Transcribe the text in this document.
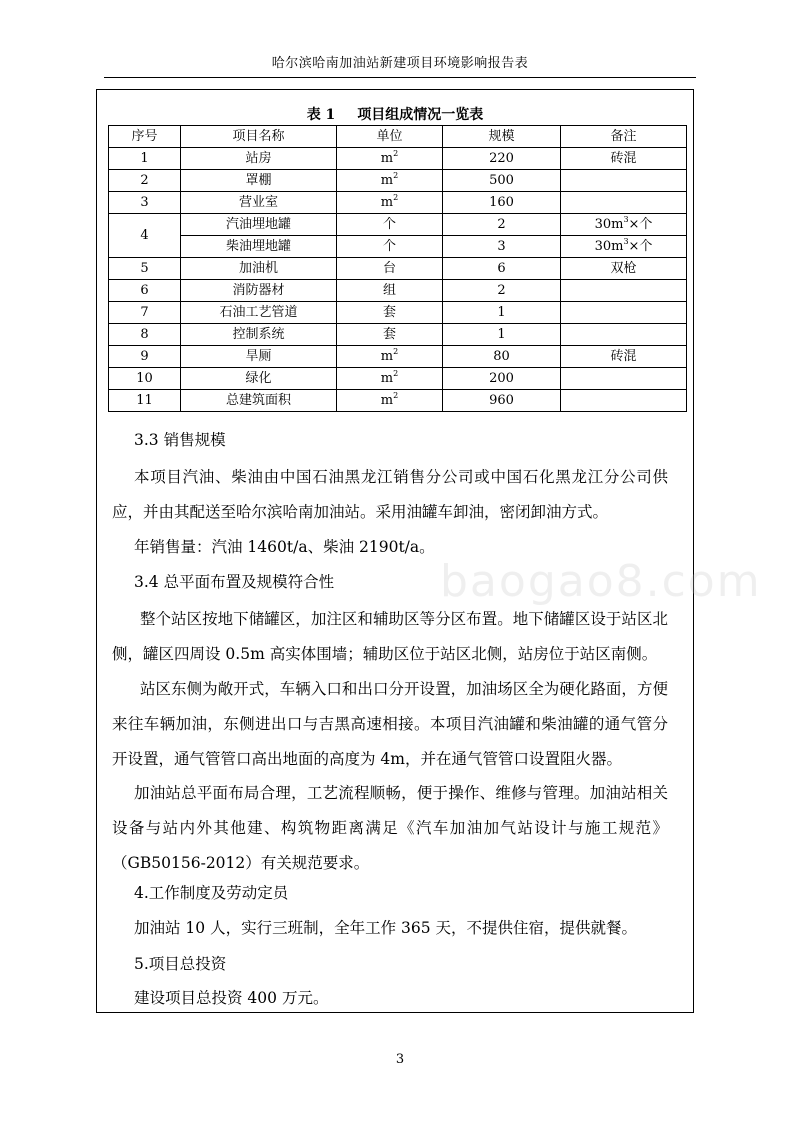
哈尔滨哈南加油站新建项目环境影响报告表
表 1 项目组成情况一览表
序号	项目名称	单位	规模	备注
1	站房	$m^2$	220	砖混
2	罩棚	$m^2$	500	
3	营业室	$m^2$	160	
4	汽油埋地罐	个	2	$30m^3\times$个
	柴油埋地罐	个	3	$30m^3\times$个
5	加油机	台	6	双枪
6	消防器材	组	2	
7	石油工艺管道	套	1	
8	控制系统	套	1	
9	旱厕	$m^2$	80	砖混
10	绿化	$m^2$	200	
11	总建筑面积	$m^2$	960	
baogao8.com
3.3 销售规模
本项目汽油、柴油由中国石油黑龙江销售分公司或中国石化黑龙江分公司供应，并由其配送至哈尔滨哈南加油站。采用油罐车卸油，密闭卸油方式。
年销售量：汽油 1460t/a、柴油 2190t/a。
3.4 总平面布置及规模符合性
整个站区按地下储罐区，加注区和辅助区等分区布置。地下储罐区设于站区北侧，罐区四周设 0.5m 高实体围墙；辅助区位于站区北侧，站房位于站区南侧。
站区东侧为敞开式，车辆入口和出口分开设置，加油场区全为硬化路面，方便来往车辆加油，东侧进出口与吉黑高速相接。本项目汽油罐和柴油罐的通气管分开设置，通气管管口高出地面的高度为 4m，并在通气管管口设置阻火器。
加油站总平面布局合理，工艺流程顺畅，便于操作、维修与管理。加油站相关设备与站内外其他建、构筑物距离满足《汽车加油加气站设计与施工规范》（GB50156-2012）有关规范要求。
4.工作制度及劳动定员
加油站 10 人，实行三班制，全年工作 365 天，不提供住宿，提供就餐。
5.项目总投资
建设项目总投资 400 万元。
3
